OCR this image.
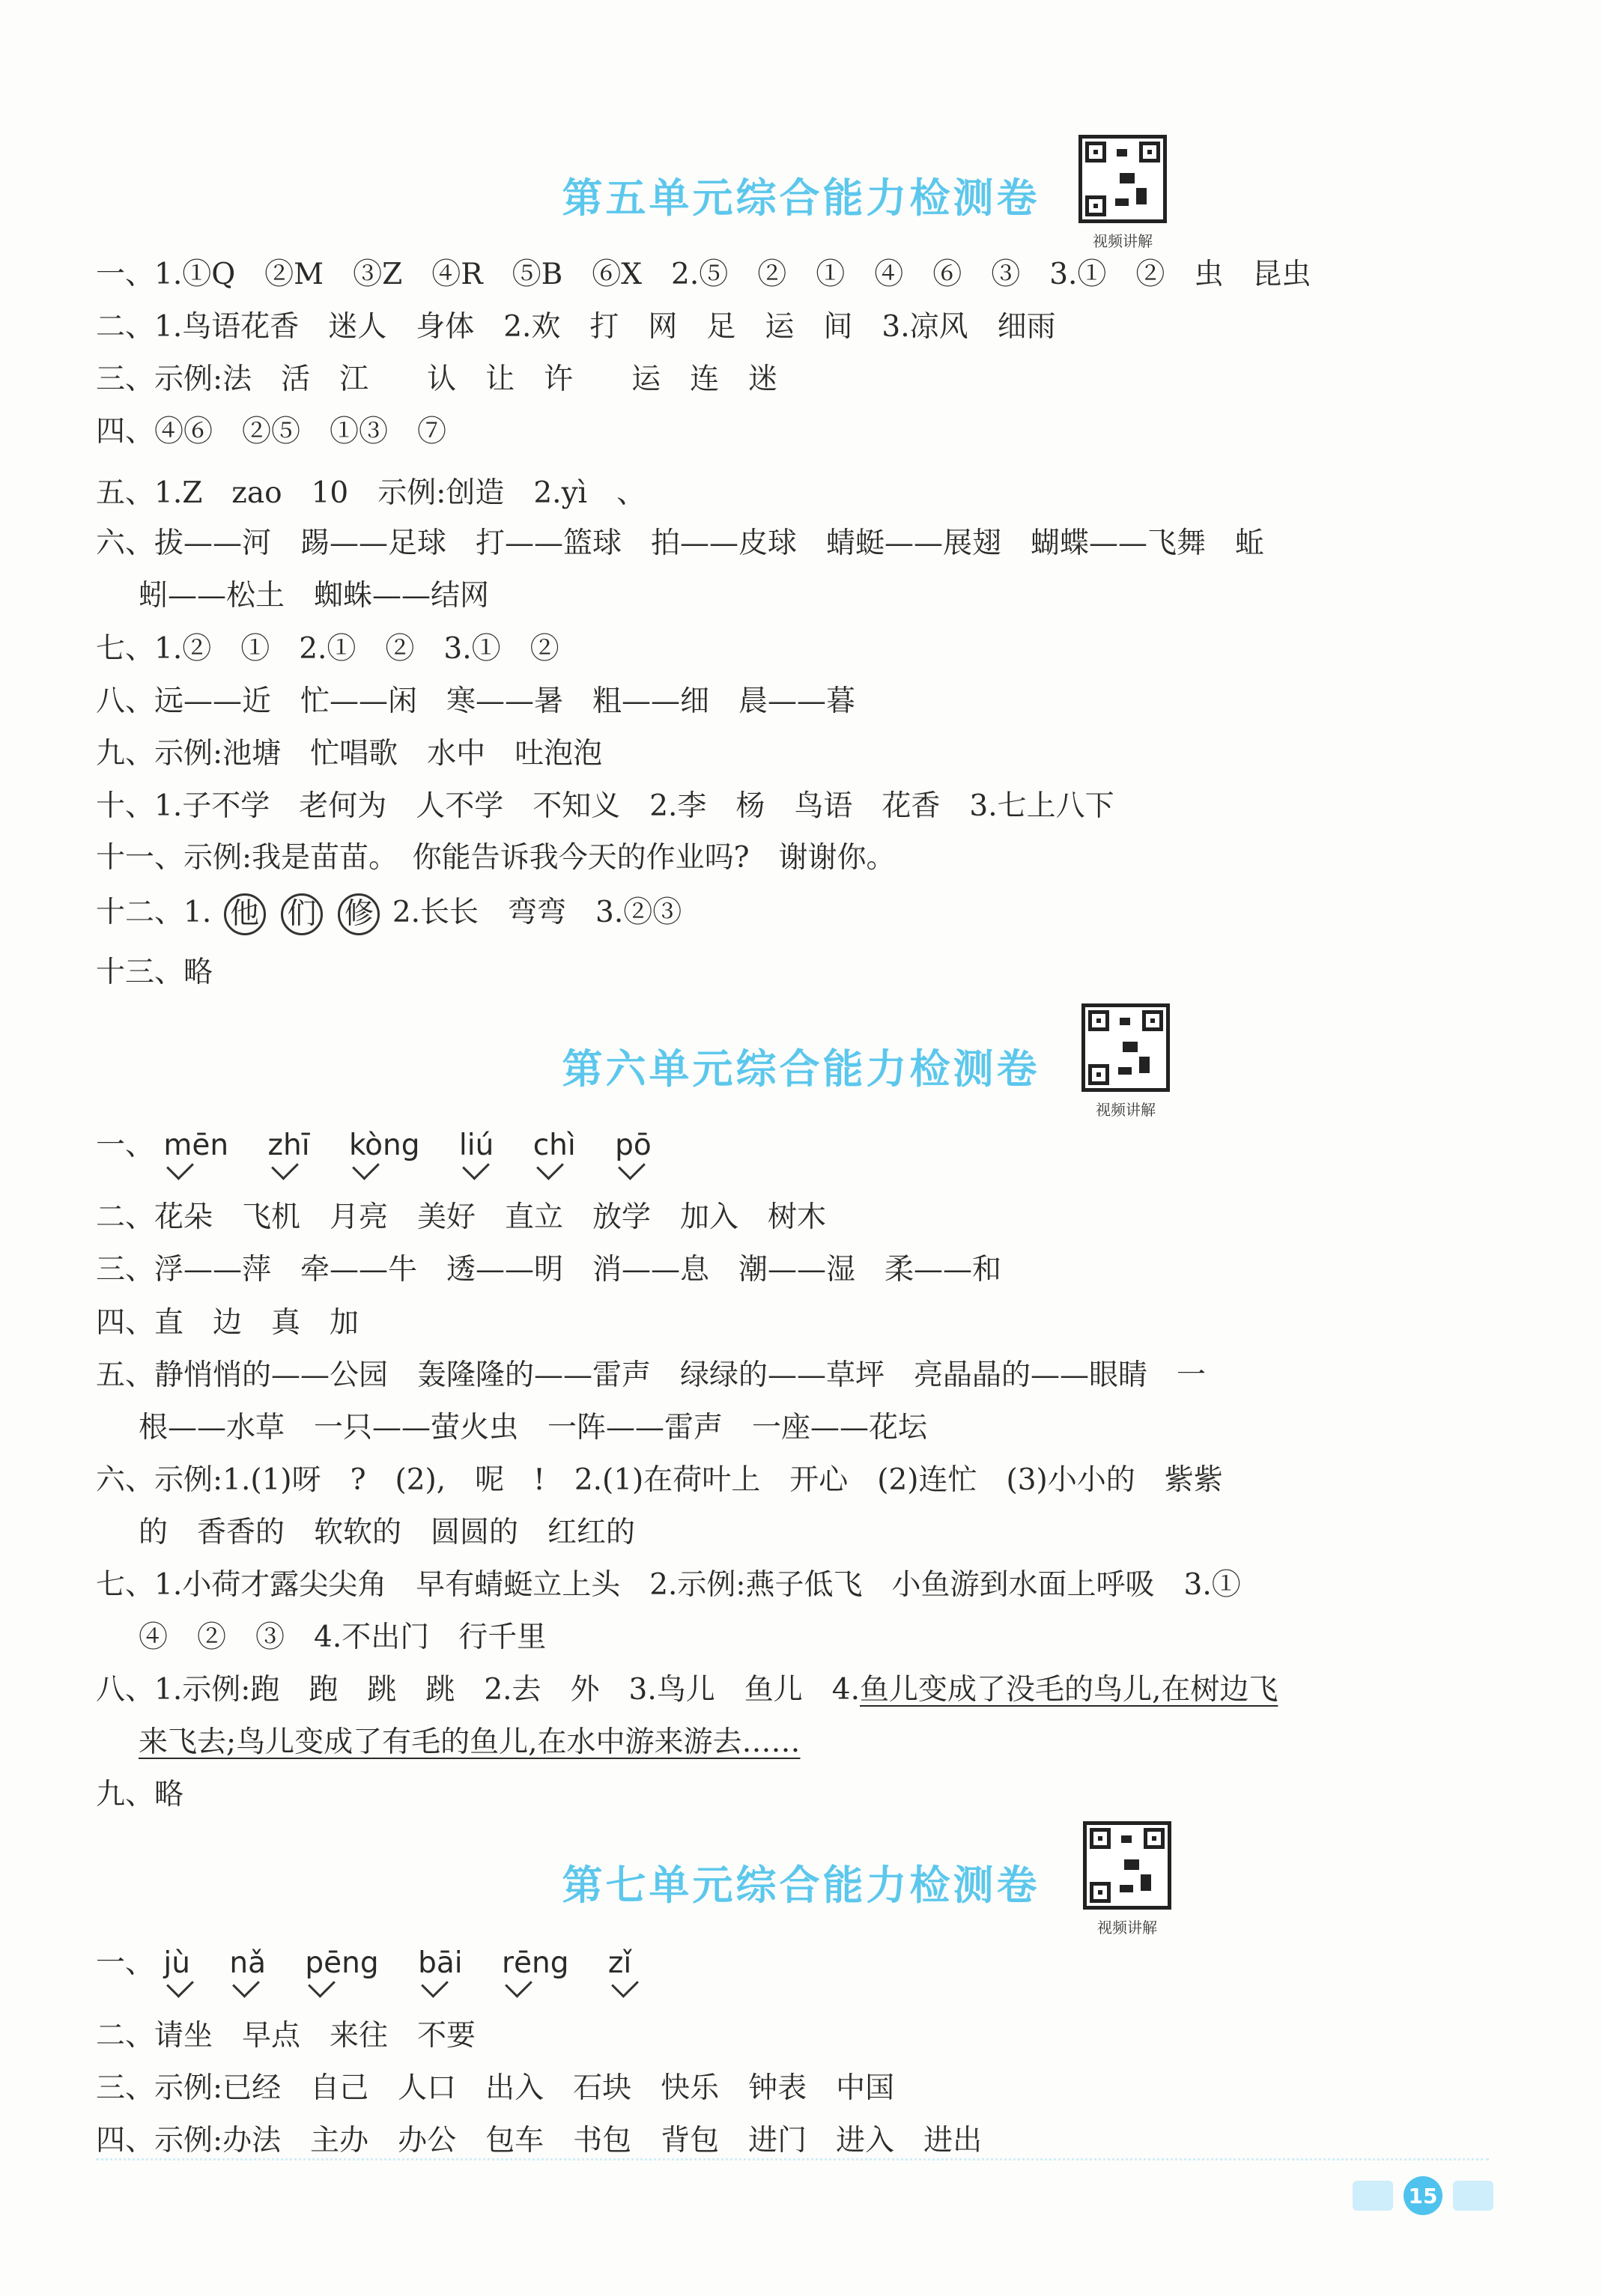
第五单元综合能力检测卷
视频讲解
一、1.①Q　②M　③Z　④R　⑤B　⑥X　2.⑤　②　①　④　⑥　③　3.①　②　虫　昆虫
二、1.鸟语花香　迷人　身体　2.欢　打　网　足　运　间　3.凉风　细雨
三、示例:法　活　江　　认　让　许　　运　连　迷
四、④⑥　②⑤　①③　⑦
五、1.Z　zao　10　示例:创造　2.yì　、
六、拔——河　踢——足球　打——篮球　拍——皮球　蜻蜓——展翅　蝴蝶——飞舞　蚯
蚓——松土　蜘蛛——结网
七、1.②　①　2.①　②　3.①　②
八、远——近　忙——闲　寒——暑　粗——细　晨——暮
九、示例:池塘　忙唱歌　水中　吐泡泡
十、1.子不学　老何为　人不学　不知义　2.李　杨　鸟语　花香　3.七上八下
十一、示例:我是苗苗。　你能告诉我今天的作业吗?　谢谢你。
十二、1. 他 们 修 2.长长　弯弯　3.②③
十三、略
第六单元综合能力检测卷
视频讲解
一、 mēn zhī kòng liú chì pō
二、花朵　飞机　月亮　美好　直立　放学　加入　树木
三、浮——萍　牵——牛　透——明　消——息　潮——湿　柔——和
四、直　边　真　加
五、静悄悄的——公园　轰隆隆的——雷声　绿绿的——草坪　亮晶晶的——眼睛　一
根——水草　一只——萤火虫　一阵——雷声　一座——花坛
六、示例:1.(1)呀　?　(2),　呢　!　2.(1)在荷叶上　开心　(2)连忙　(3)小小的　紫紫
的　香香的　软软的　圆圆的　红红的
七、1.小荷才露尖尖角　早有蜻蜓立上头　2.示例:燕子低飞　小鱼游到水面上呼吸　3.①
④　②　③　4.不出门　行千里
八、1.示例:跑　跑　跳　跳　2.去　外　3.鸟儿　鱼儿　4.鱼儿变成了没毛的鸟儿,在树边飞
来飞去;鸟儿变成了有毛的鱼儿,在水中游来游去……
九、略
第七单元综合能力检测卷
视频讲解
一、 jù nǎ pēng bāi rēng zǐ
二、请坐　早点　来往　不要
三、示例:已经　自己　人口　出入　石块　快乐　钟表　中国
四、示例:办法　主办　办公　包车　书包　背包　进门　进入　进出
15
